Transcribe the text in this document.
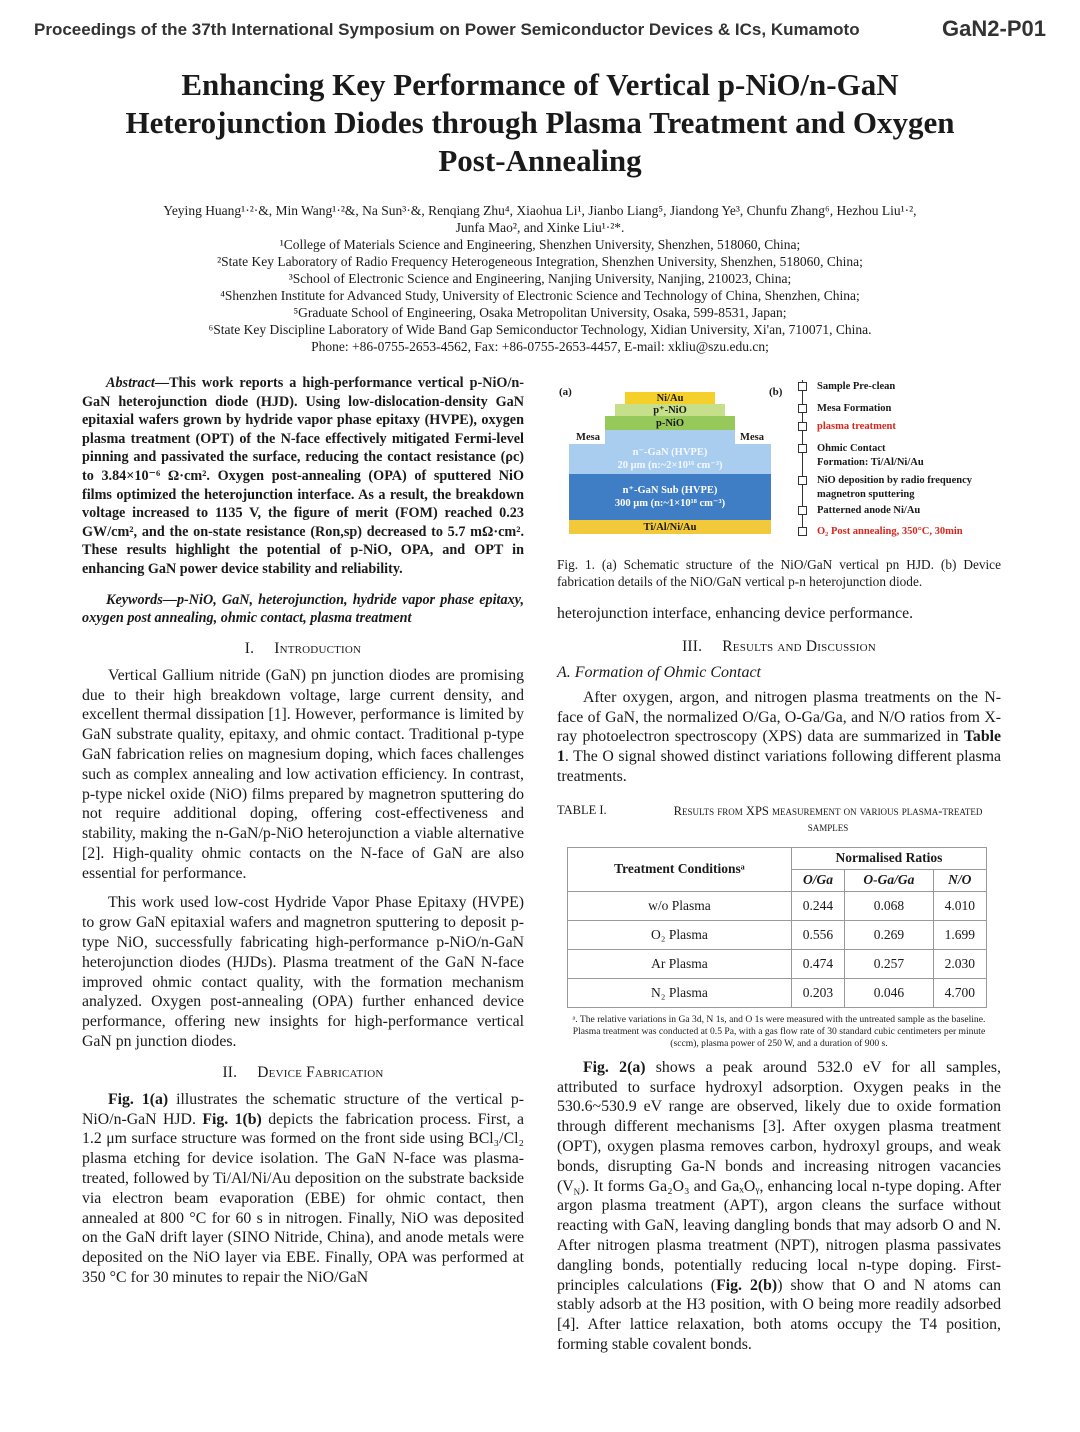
Proceedings of the 37th International Symposium on Power Semiconductor Devices & ICs, Kumamoto	GaN2-P01
Enhancing Key Performance of Vertical p-NiO/n-GaN
Heterojunction Diodes through Plasma Treatment and Oxygen
Post-Annealing
Yeying Huang¹·²·&, Min Wang¹·²&, Na Sun³·&, Renqiang Zhu⁴, Xiaohua Li¹, Jianbo Liang⁵, Jiandong Ye³, Chunfu Zhang⁶, Hezhou Liu¹·²,
Junfa Mao², and Xinke Liu¹·²*.
¹College of Materials Science and Engineering, Shenzhen University, Shenzhen, 518060, China;
²State Key Laboratory of Radio Frequency Heterogeneous Integration, Shenzhen University, Shenzhen, 518060, China;
³School of Electronic Science and Engineering, Nanjing University, Nanjing, 210023, China;
⁴Shenzhen Institute for Advanced Study, University of Electronic Science and Technology of China, Shenzhen, China;
⁵Graduate School of Engineering, Osaka Metropolitan University, Osaka, 599-8531, Japan;
⁶State Key Discipline Laboratory of Wide Band Gap Semiconductor Technology, Xidian University, Xi'an, 710071, China.
Phone: +86-0755-2653-4562, Fax: +86-0755-2653-4457, E-mail: xkliu@szu.edu.cn;

Abstract—This work reports a high-performance vertical p-NiO/n-GaN heterojunction diode (HJD). Using low-dislocation-density GaN epitaxial wafers grown by hydride vapor phase epitaxy (HVPE), oxygen plasma treatment (OPT) of the N-face effectively mitigated Fermi-level pinning and passivated the surface, reducing the contact resistance (ρc) to 3.84×10⁻⁶ Ω·cm². Oxygen post-annealing (OPA) of sputtered NiO films optimized the heterojunction interface. As a result, the breakdown voltage increased to 1135 V, the figure of merit (FOM) reached 0.23 GW/cm², and the on-state resistance (Ron,sp) decreased to 5.7 mΩ·cm². These results highlight the potential of p-NiO, OPA, and OPT in enhancing GaN power device stability and reliability.

Keywords—p-NiO, GaN, heterojunction, hydride vapor phase epitaxy, oxygen post annealing, ohmic contact, plasma treatment

I. Introduction

Vertical Gallium nitride (GaN) pn junction diodes are promising due to their high breakdown voltage, large current density, and excellent thermal dissipation [1]. However, performance is limited by GaN substrate quality, epitaxy, and ohmic contact. Traditional p-type GaN fabrication relies on magnesium doping, which faces challenges such as complex annealing and low activation efficiency. In contrast, p-type nickel oxide (NiO) films prepared by magnetron sputtering do not require additional doping, offering cost-effectiveness and stability, making the n-GaN/p-NiO heterojunction a viable alternative [2]. High-quality ohmic contacts on the N-face of GaN are also essential for performance.

This work used low-cost Hydride Vapor Phase Epitaxy (HVPE) to grow GaN epitaxial wafers and magnetron sputtering to deposit p-type NiO, successfully fabricating high-performance p-NiO/n-GaN heterojunction diodes (HJDs). Plasma treatment of the GaN N-face improved ohmic contact quality, with the formation mechanism analyzed. Oxygen post-annealing (OPA) further enhanced device performance, offering new insights for high-performance vertical GaN pn junction diodes.

II. Device Fabrication

Fig. 1(a) illustrates the schematic structure of the vertical p-NiO/n-GaN HJD. Fig. 1(b) depicts the fabrication process. First, a 1.2 μm surface structure was formed on the front side using BCl₃/Cl₂ plasma etching for device isolation. The GaN N-face was plasma-treated, followed by Ti/Al/Ni/Au deposition on the substrate backside via electron beam evaporation (EBE) for ohmic contact, then annealed at 800 °C for 60 s in nitrogen. Finally, NiO was deposited on the GaN drift layer (SINO Nitride, China), and anode metals were deposited on the NiO layer via EBE. Finally, OPA was performed at 350 °C for 30 minutes to repair the NiO/GaN

(a)	(b)
Ni/Au
p⁺-NiO
p-NiO
Mesa	Mesa
n⁻-GaN (HVPE)
20 μm (n:~2×10¹⁶ cm⁻³)
n⁺-GaN Sub (HVPE)
300 μm (n:~1×10¹⁸ cm⁻³)
Ti/Al/Ni/Au
Sample Pre-clean
Mesa Formation
plasma treatment
Ohmic Contact
Formation: Ti/Al/Ni/Au
NiO deposition by radio frequency
magnetron sputtering
Patterned anode Ni/Au
O₂ Post annealing, 350°C, 30min

Fig. 1. (a) Schematic structure of the NiO/GaN vertical pn HJD. (b) Device fabrication details of the NiO/GaN vertical p-n heterojunction diode.

heterojunction interface, enhancing device performance.

III. Results and Discussion
A. Formation of Ohmic Contact

After oxygen, argon, and nitrogen plasma treatments on the N-face of GaN, the normalized O/Ga, O-Ga/Ga, and N/O ratios from X-ray photoelectron spectroscopy (XPS) data are summarized in Table 1. The O signal showed distinct variations following different plasma treatments.

TABLE I.	Results from XPS measurement on various plasma-treated samples
Treatment Conditionsᵃ	Normalised Ratios		
	O/Ga	O-Ga/Ga	N/O
w/o Plasma	0.244	0.068	4.010
O₂ Plasma	0.556	0.269	1.699
Ar Plasma	0.474	0.257	2.030
N₂ Plasma	0.203	0.046	4.700

ᵃ. The relative variations in Ga 3d, N 1s, and O 1s were measured with the untreated sample as the baseline. Plasma treatment was conducted at 0.5 Pa, with a gas flow rate of 30 standard cubic centimeters per minute (sccm), plasma power of 250 W, and a duration of 900 s.

Fig. 2(a) shows a peak around 532.0 eV for all samples, attributed to surface hydroxyl adsorption. Oxygen peaks in the 530.6~530.9 eV range are observed, likely due to oxide formation through different mechanisms [3]. After oxygen plasma treatment (OPT), oxygen plasma removes carbon, hydroxyl groups, and weak bonds, disrupting Ga-N bonds and increasing nitrogen vacancies $(V_N)$. It forms Ga₂O₃ and GaₓOᵧ, enhancing local n-type doping. After argon plasma treatment (APT), argon cleans the surface without reacting with GaN, leaving dangling bonds that may adsorb O and N. After nitrogen plasma treatment (NPT), nitrogen plasma passivates dangling bonds, potentially reducing local n-type doping. First-principles calculations (Fig. 2(b)) show that O and N atoms can stably adsorb at the H3 position, with O being more readily adsorbed [4]. After lattice relaxation, both atoms occupy the T4 position, forming stable covalent bonds.
